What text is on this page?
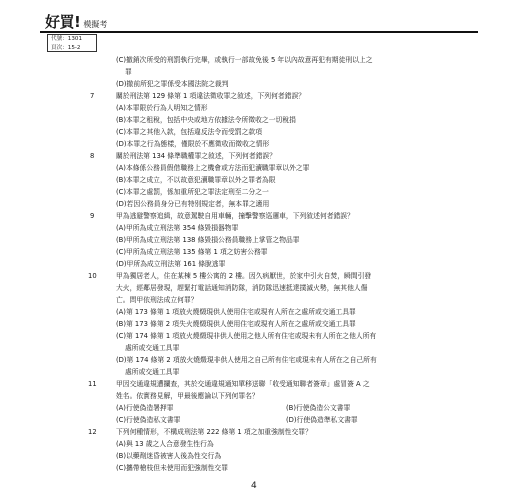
好買! 模擬考
代號：1301
頁次：15-2
(C)撤銷次所受的刑罰執行完畢，或執行一部故免後 5 年以內故意再犯有期徒刑以上之
罪
(D)撤前所犯之罪係受本國法院之裁判
7	關於刑法第 129 條第 1 項違法徵收罪之敘述，下列何者錯誤？
(A)本罪限於行為人明知之情形
(B)本罪之租稅，包括中央或地方依據法令所徵收之一切稅捐
(C)本罪之其他入款，包括違反法令而受罰之款項
(D)本罪之行為態樣，僅限於不應徵收而徵收之情形
8	關於刑法第 134 條準職權罪之敘述，下列何者錯誤？
(A)本條係公務員假借職務上之機會或方法而犯瀆職罪章以外之罪
(B)本罪之成立，不以故意犯瀆職罪章以外之罪者為限
(C)本罪之處罰，係加重所犯之罪法定刑至二分之一
(D)若因公務員身分已有特別規定者，無本罪之適用
9	甲為逃避警察追緝，故意駕駛自用車輛，撞擊警察巡邏車，下列敘述何者錯誤？
(A)甲所為成立刑法第 354 條毀損器物罪
(B)甲所為成立刑法第 138 條毀損公務員職務上掌管之物品罪
(C)甲所為成立刑法第 135 條第 1 項之妨害公務罪
(D)甲所為成立刑法第 161 條脫逃罪
10	甲為獨居老人，住在某棟 5 樓公寓的 2 樓。因久病厭世，於家中引火自焚，瞬間引發
大火，經鄰居發現，趕緊打電話通知消防隊，消防隊迅速抵達撲滅火勢，無其他人傷
亡。問甲依刑法成立何罪？
(A)第 173 條第 1 項放火燒燬現供人使用住宅或現有人所在之處所或交通工具罪
(B)第 173 條第 2 項失火燒燬現供人使用住宅或現有人所在之處所或交通工具罪
(C)第 174 條第 1 項放火燒燬現非供人使用之他人所有住宅或現未有人所在之他人所有
處所或交通工具罪
(D)第 174 條第 2 項放火燒燬現非供人使用之自己所有住宅或現未有人所在之自己所有
處所或交通工具罪
11	甲因交通違規遭攔查，其於交通違規通知單移送聯「收受通知聯者簽章」處冒簽 A 之
姓名。依實務見解，甲最後應論以下列何罪名？
(A)行使偽造署押罪	(B)行使偽造公文書罪
(C)行使偽造私文書罪	(D)行使偽造準私文書罪
12	下列何種情形，不構成刑法第 222 條第 1 項之加重強制性交罪？
(A)與 13 歲之人合意發生性行為
(B)以藥劑迷昏被害人後為性交行為
(C)攜帶槍枝但未使用而犯強制性交罪
4
